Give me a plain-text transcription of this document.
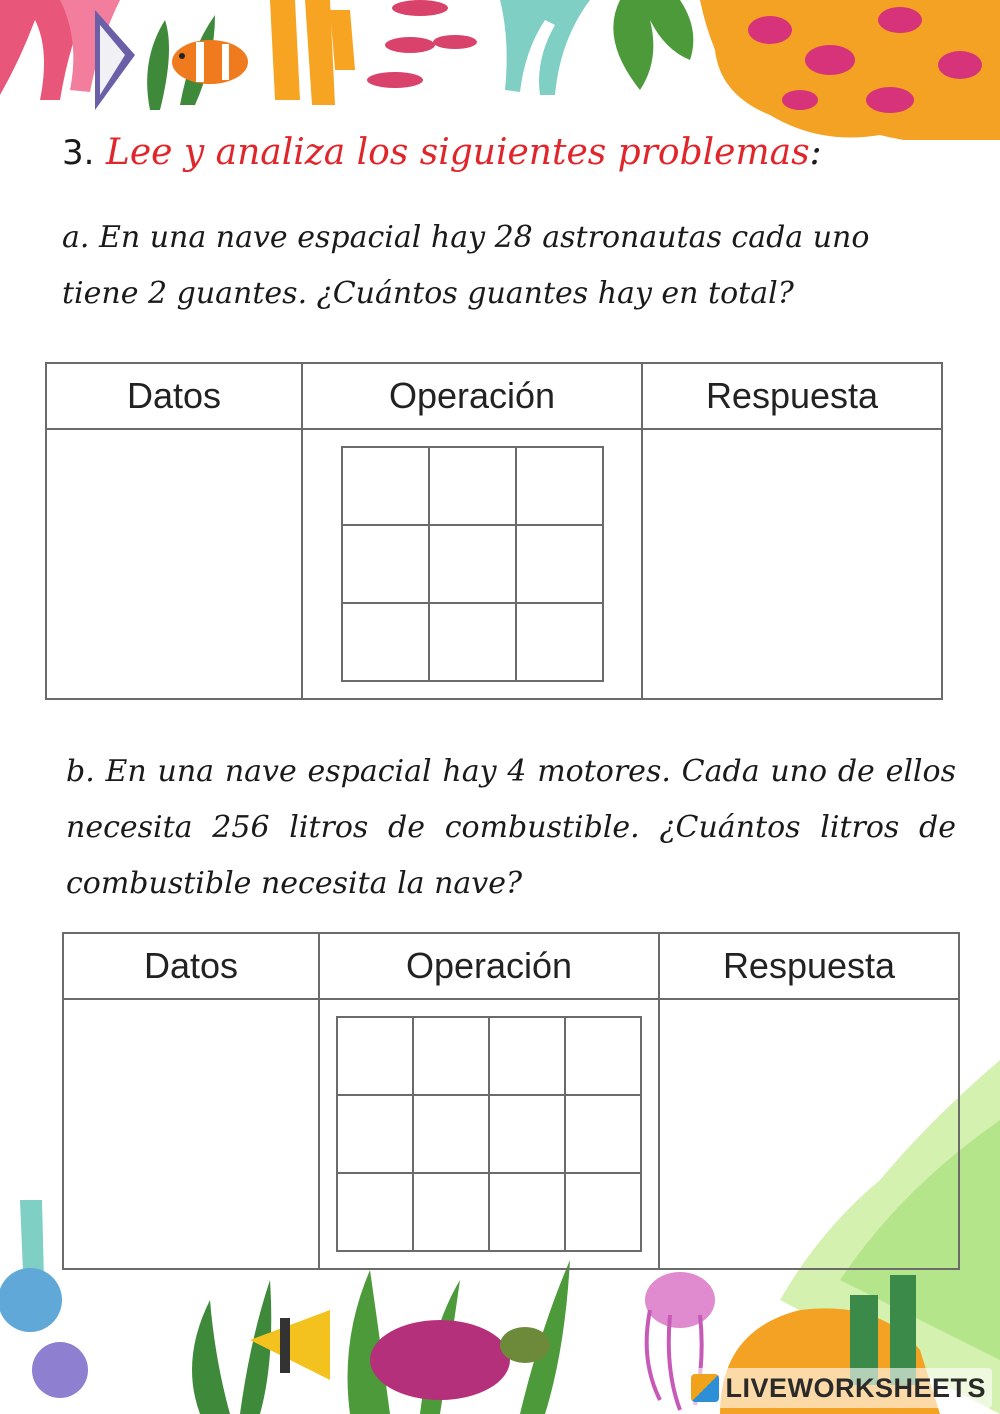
3. Lee y analiza los siguientes problemas:
a. En una nave espacial hay 28 astronautas cada uno tiene 2 guantes. ¿Cuántos guantes hay en total?
Datos	Operación	Respuesta

b. En una nave espacial hay 4 motores. Cada uno de ellos necesita 256 litros de combustible. ¿Cuántos litros de combustible necesita la nave?
Datos	Operación	Respuesta

LIVEWORKSHEETS
